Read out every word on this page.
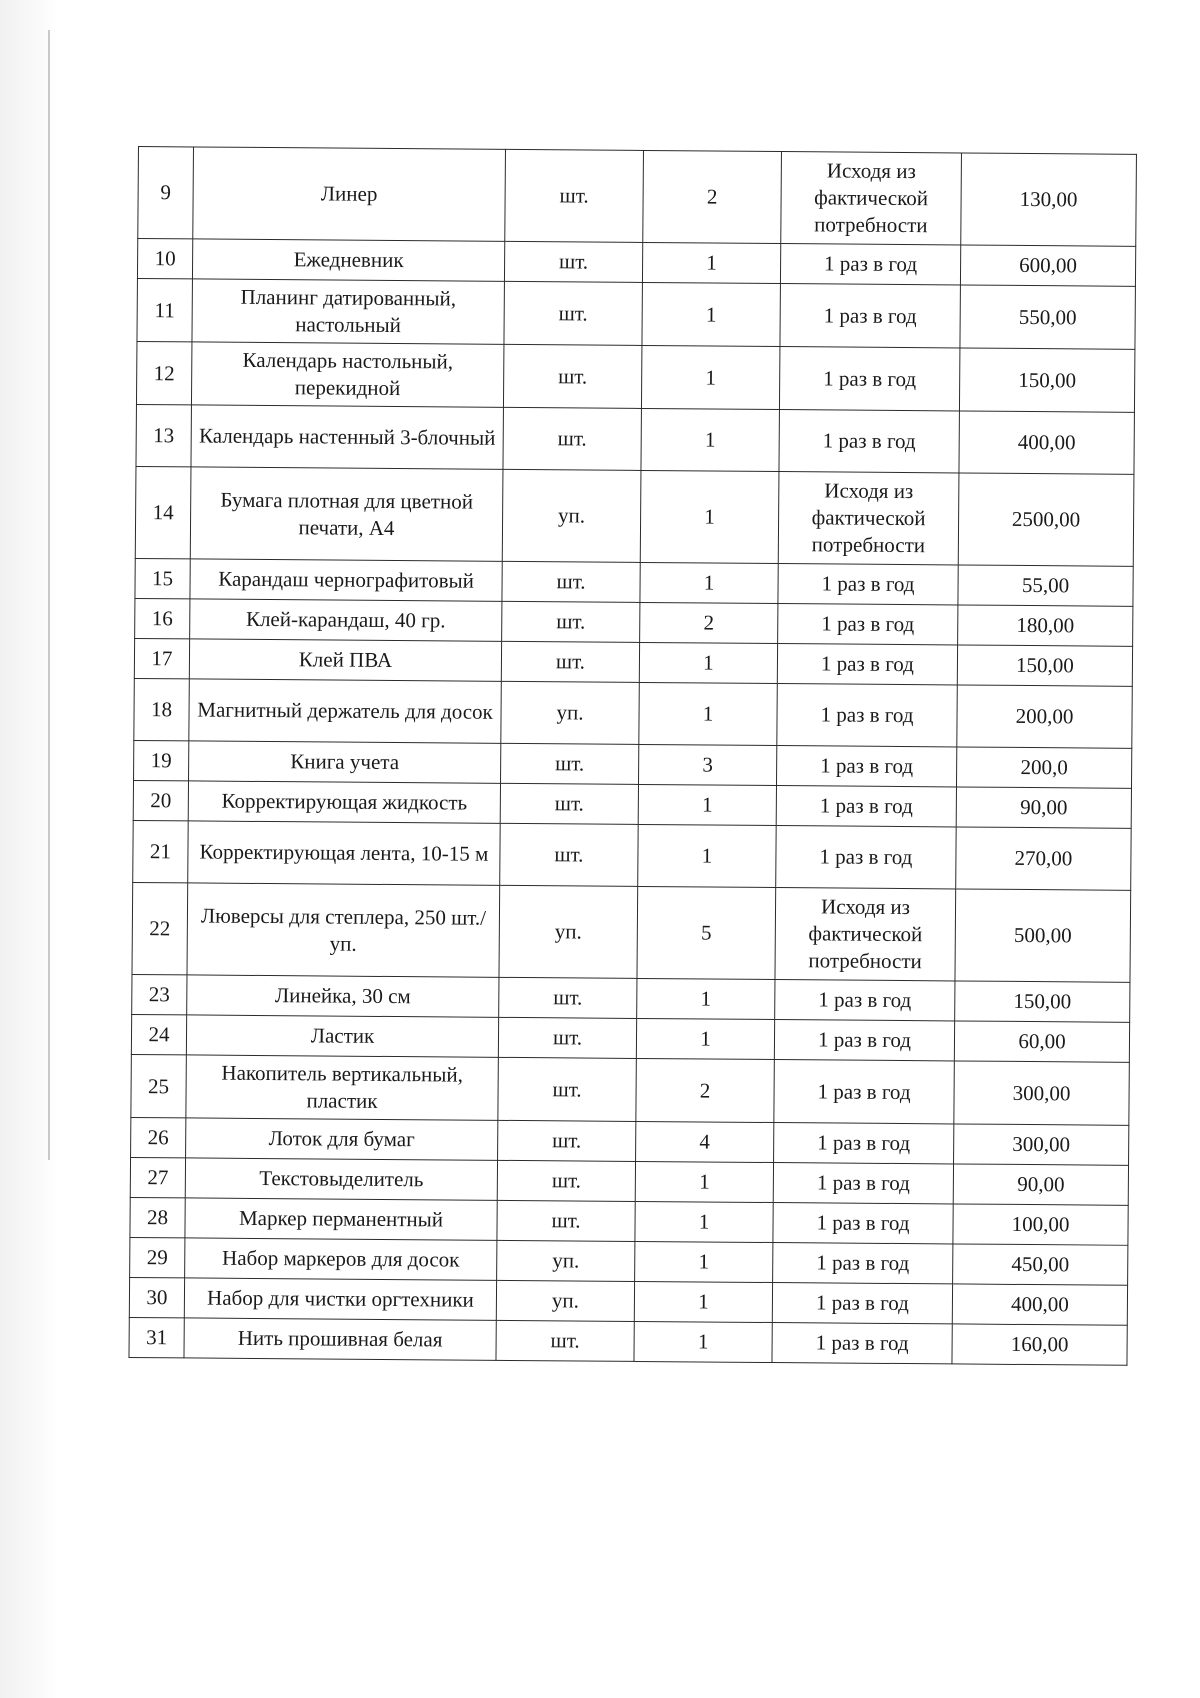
9	Линер	шт.	2	Исходя из фактической потребности	130,00
10	Ежедневник	шт.	1	1 раз в год	600,00
11	Планинг датированный, настольный	шт.	1	1 раз в год	550,00
12	Календарь настольный, перекидной	шт.	1	1 раз в год	150,00
13	Календарь настенный 3-блочный	шт.	1	1 раз в год	400,00
14	Бумага плотная для цветной печати, А4	уп.	1	Исходя из фактической потребности	2500,00
15	Карандаш чернографитовый	шт.	1	1 раз в год	55,00
16	Клей-карандаш, 40 гр.	шт.	2	1 раз в год	180,00
17	Клей ПВА	шт.	1	1 раз в год	150,00
18	Магнитный держатель для досок	уп.	1	1 раз в год	200,00
19	Книга учета	шт.	3	1 раз в год	200,0
20	Корректирующая жидкость	шт.	1	1 раз в год	90,00
21	Корректирующая лента, 10-15 м	шт.	1	1 раз в год	270,00
22	Люверсы для степлера, 250 шт./уп.	уп.	5	Исходя из фактической потребности	500,00
23	Линейка, 30 см	шт.	1	1 раз в год	150,00
24	Ластик	шт.	1	1 раз в год	60,00
25	Накопитель вертикальный, пластик	шт.	2	1 раз в год	300,00
26	Лоток для бумаг	шт.	4	1 раз в год	300,00
27	Текстовыделитель	шт.	1	1 раз в год	90,00
28	Маркер перманентный	шт.	1	1 раз в год	100,00
29	Набор маркеров для досок	уп.	1	1 раз в год	450,00
30	Набор для чистки оргтехники	уп.	1	1 раз в год	400,00
31	Нить прошивная белая	шт.	1	1 раз в год	160,00
